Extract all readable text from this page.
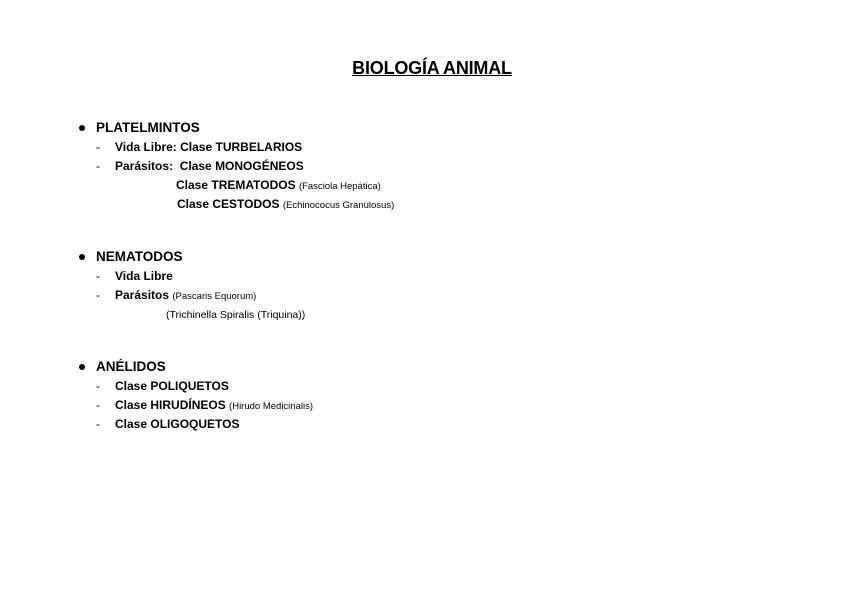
BIOLOGÍA ANIMAL
PLATELMINTOS
- Vida Libre: Clase TURBELARIOS
- Parásitos:  Clase MONOGÉNEOS
Clase TREMATODOS (Fasciola Hepática)
Clase CESTODOS (Echinococus Granulosus)
NEMATODOS
- Vida Libre
- Parásitos (Pascaris Equorum)
(Trichinella Spiralis (Triquina))
ANÉLIDOS
- Clase POLIQUETOS
- Clase HIRUDÍNEOS (Hirudo Medicinalis)
- Clase OLIGOQUETOS
